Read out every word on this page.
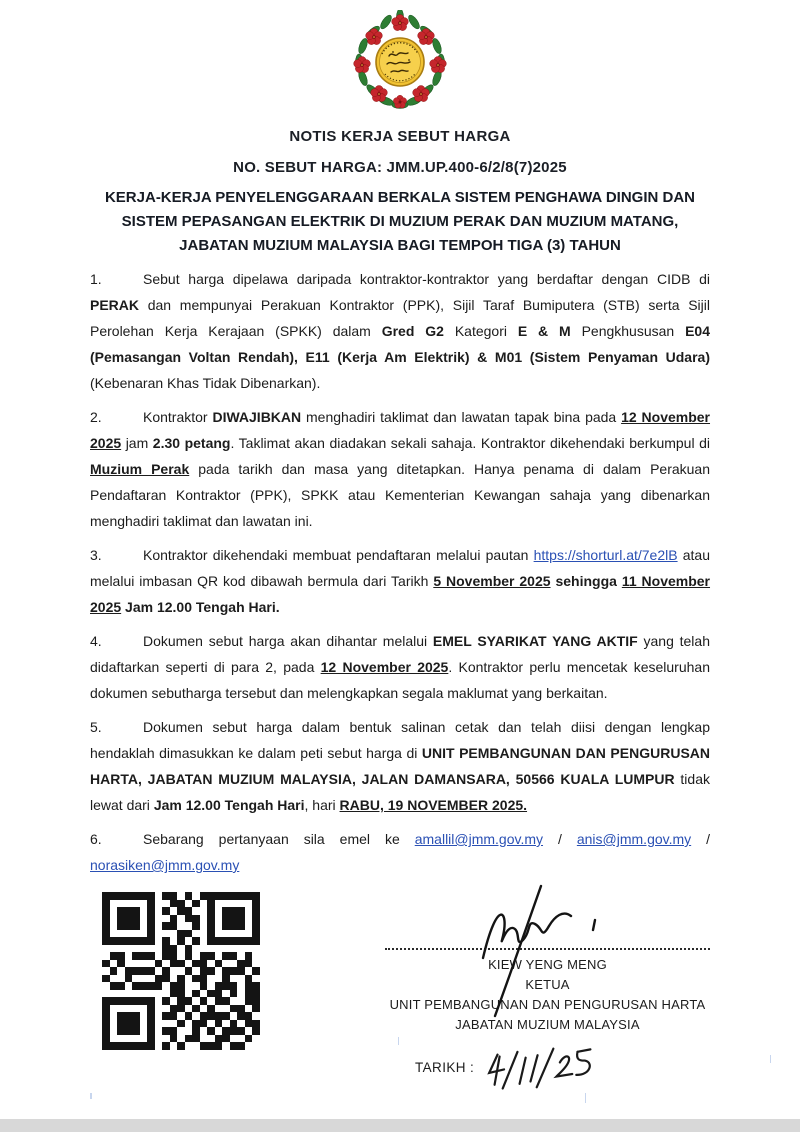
NOTIS KERJA SEBUT HARGA
NO. SEBUT HARGA: JMM.UP.400-6/2/8(7)2025
KERJA-KERJA PENYELENGGARAAN BERKALA SISTEM PENGHAWA DINGIN DAN
SISTEM PEPASANGAN ELEKTRIK DI MUZIUM PERAK DAN MUZIUM MATANG,
JABATAN MUZIUM MALAYSIA BAGI TEMPOH TIGA (3) TAHUN

1.	Sebut harga dipelawa daripada kontraktor-kontraktor yang berdaftar dengan CIDB di PERAK dan mempunyai Perakuan Kontraktor (PPK), Sijil Taraf Bumiputera (STB) serta Sijil Perolehan Kerja Kerajaan (SPKK) dalam Gred G2 Kategori E & M Pengkhususan E04 (Pemasangan Voltan Rendah), E11 (Kerja Am Elektrik) & M01 (Sistem Penyaman Udara) (Kebenaran Khas Tidak Dibenarkan).

2.	Kontraktor DIWAJIBKAN menghadiri taklimat dan lawatan tapak bina pada 12 November 2025 jam 2.30 petang. Taklimat akan diadakan sekali sahaja. Kontraktor dikehendaki berkumpul di Muzium Perak pada tarikh dan masa yang ditetapkan. Hanya penama di dalam Perakuan Pendaftaran Kontraktor (PPK), SPKK atau Kementerian Kewangan sahaja yang dibenarkan menghadiri taklimat dan lawatan ini.

3.	Kontraktor dikehendaki membuat pendaftaran melalui pautan https://shorturl.at/7e2lB atau melalui imbasan QR kod dibawah bermula dari Tarikh 5 November 2025 sehingga 11 November 2025 Jam 12.00 Tengah Hari.

4.	Dokumen sebut harga akan dihantar melalui EMEL SYARIKAT YANG AKTIF yang telah didaftarkan seperti di para 2, pada 12 November 2025. Kontraktor perlu mencetak keseluruhan dokumen sebutharga tersebut dan melengkapkan segala maklumat yang berkaitan.

5.	Dokumen sebut harga dalam bentuk salinan cetak dan telah diisi dengan lengkap hendaklah dimasukkan ke dalam peti sebut harga di UNIT PEMBANGUNAN DAN PENGURUSAN HARTA, JABATAN MUZIUM MALAYSIA, JALAN DAMANSARA, 50566 KUALA LUMPUR tidak lewat dari Jam 12.00 Tengah Hari, hari RABU, 19 NOVEMBER 2025.

6.	Sebarang pertanyaan sila emel ke amallil@jmm.gov.my / anis@jmm.gov.my / norasiken@jmm.gov.my

KIEW YENG MENG
KETUA
UNIT PEMBANGUNAN DAN PENGURUSAN HARTA
JABATAN MUZIUM MALAYSIA
TARIKH :
